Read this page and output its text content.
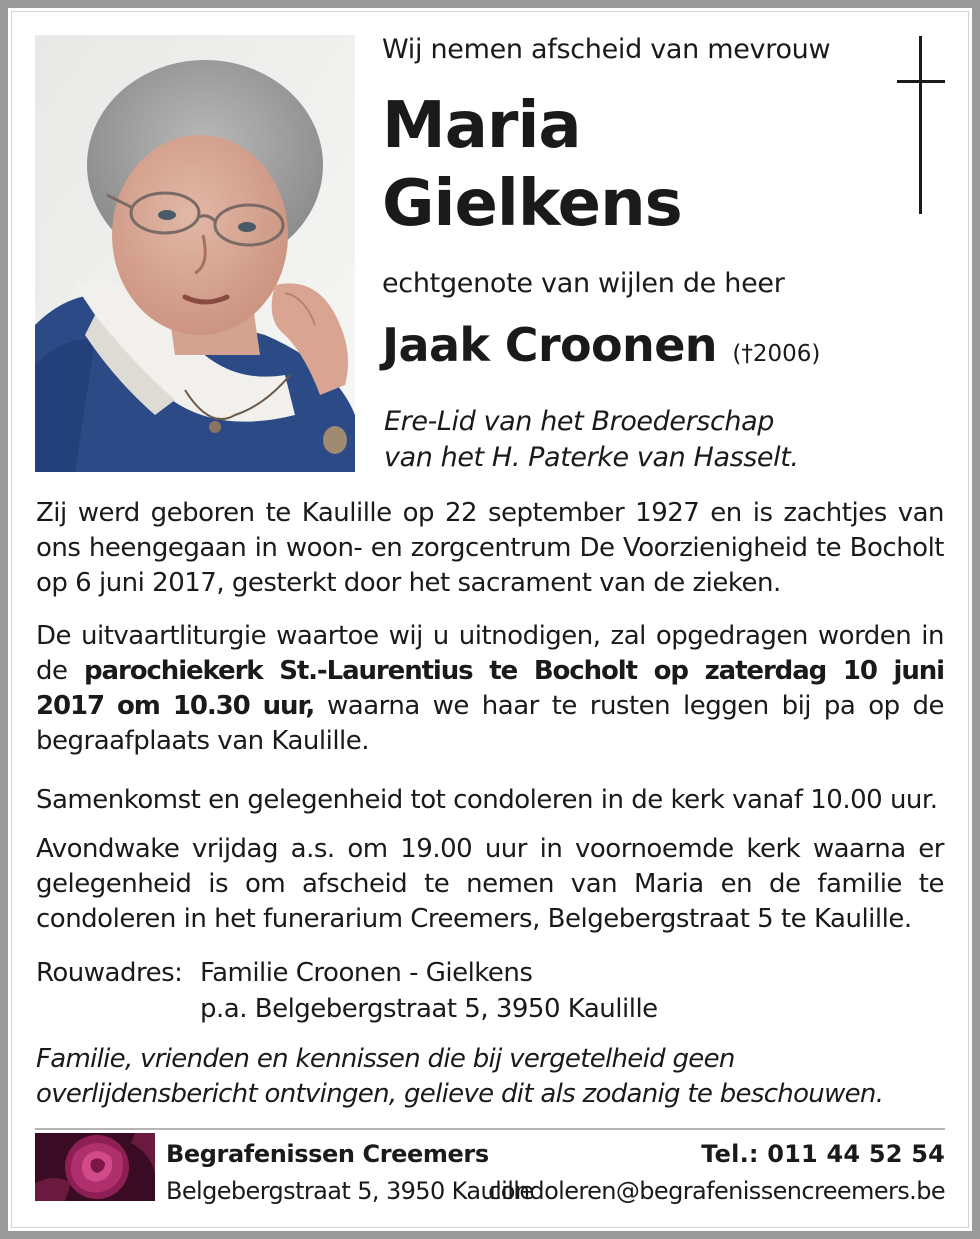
Wij nemen afscheid van mevrouw
Maria
Gielkens
echtgenote van wijlen de heer
Jaak Croonen (†2006)
Ere-Lid van het Broederschap
van het H. Paterke van Hasselt.
Zij werd geboren te Kaulille op 22 september 1927 en is zachtjes van ons heengegaan in woon- en zorgcentrum De Voorzienigheid te Bocholt op 6 juni 2017, gesterkt door het sacrament van de zieken.
De uitvaartliturgie waartoe wij u uitnodigen, zal opgedragen worden in de parochiekerk St.-Laurentius te Bocholt op zaterdag 10 juni 2017 om 10.30 uur, waarna we haar te rusten leggen bij pa op de begraafplaats van Kaulille.
Samenkomst en gelegenheid tot condoleren in de kerk vanaf 10.00 uur.
Avondwake vrijdag a.s. om 19.00 uur in voornoemde kerk waarna er gelegenheid is om afscheid te nemen van Maria en de familie te condoleren in het funerarium Creemers, Belgebergstraat 5 te Kaulille.
Rouwadres: Familie Croonen - Gielkens
p.a. Belgebergstraat 5, 3950 Kaulille
Familie, vrienden en kennissen die bij vergetelheid geen overlijdensbericht ontvingen, gelieve dit als zodanig te beschouwen.
Begrafenissen Creemers	Tel.: 011 44 52 54
Belgebergstraat 5, 3950 Kaulille
condoleren@begrafenissencreemers.be
